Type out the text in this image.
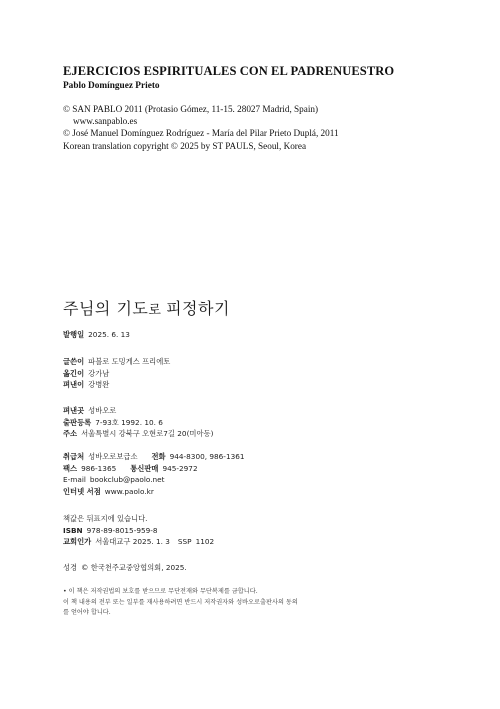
EJERCICIOS ESPIRITUALES CON EL PADRENUESTRO
Pablo Domínguez Prieto
© SAN PABLO 2011 (Protasio Gómez, 11-15. 28027 Madrid, Spain)
www.sanpablo.es
© José Manuel Domínguez Rodríguez - María del Pilar Prieto Duplá, 2011
Korean translation copyright © 2025 by ST PAULS, Seoul, Korea
주님의 기도로 피정하기
발행일 2025. 6. 13
글쓴이 파블로 도밍게스 프리에토
옮긴이 강가남
펴낸이 강병완
펴낸곳 성바오로
출판등록 7-93호 1992. 10. 6
주소 서울특별시 강북구 오현로7길 20(미아동)
취급처 성바오로보급소 전화 944-8300, 986-1361
팩스 986-1365 통신판매 945-2972
E-mail bookclub@paolo.net
인터넷 서점 www.paolo.kr
책값은 뒤표지에 있습니다.
ISBN 978-89-8015-959-8
교회인가 서울대교구 2025. 1. 3 SSP 1102
성경 © 한국천주교중앙협의회, 2025.
• 이 책은 저작권법의 보호를 받으므로 무단전재와 무단복제를 금합니다.
이 책 내용의 전부 또는 일부를 재사용하려면 반드시 저작권자와 성바오로출판사의 동의
를 얻어야 합니다.
